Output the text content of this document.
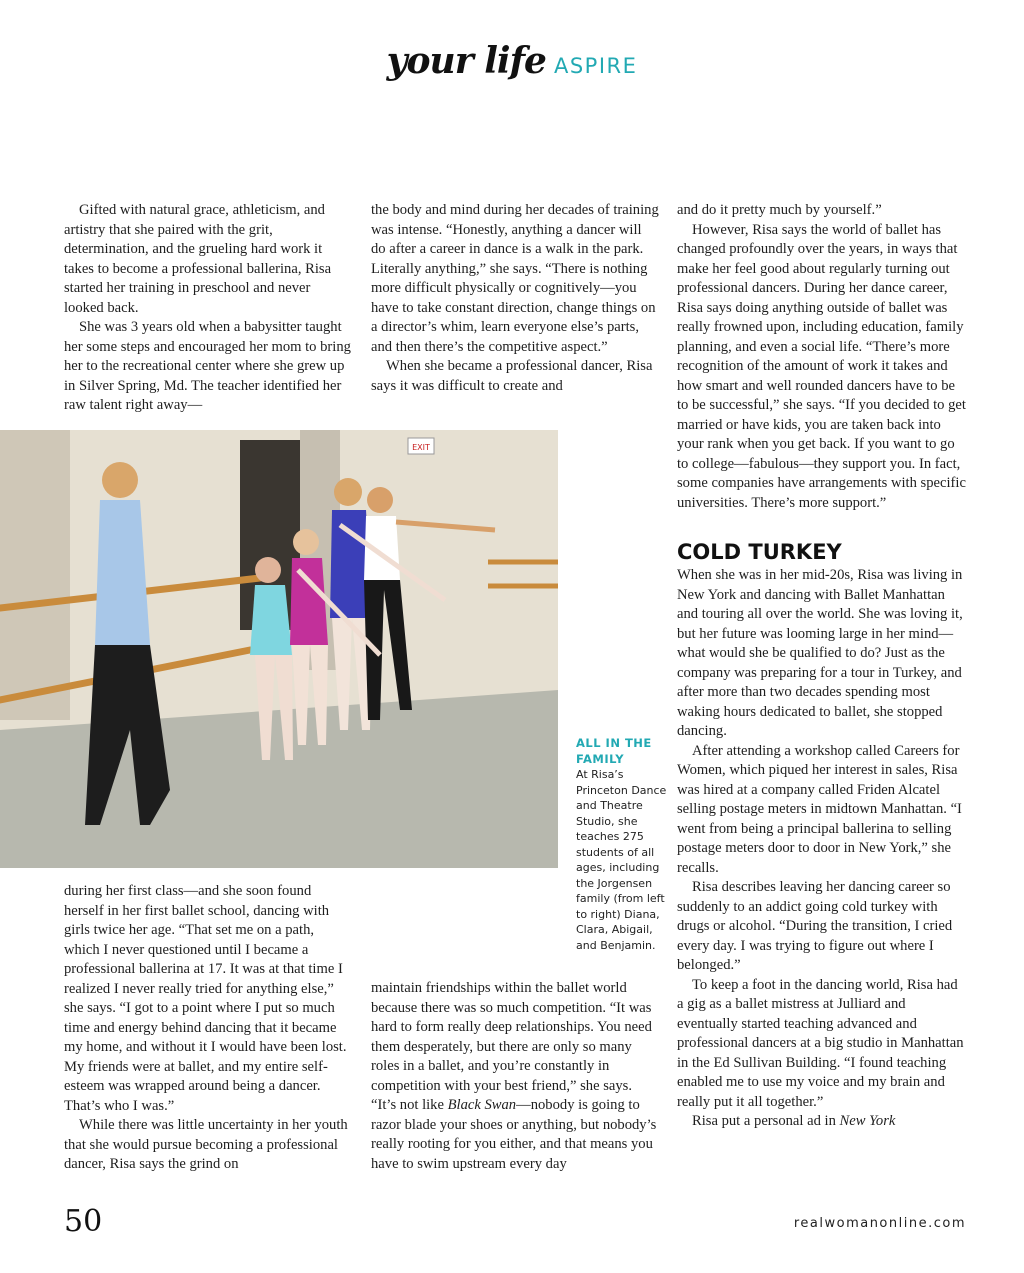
your life ASPIRE

Gifted with natural grace, athleticism, and artistry that she paired with the grit, determination, and the grueling hard work it takes to become a professional ballerina, Risa started her training in preschool and never looked back.

She was 3 years old when a babysitter taught her some steps and encouraged her mom to bring her to the recreational center where she grew up in Silver Spring, Md. The teacher identified her raw talent right away—

the body and mind during her decades of training was intense. “Honestly, anything a dancer will do after a career in dance is a walk in the park. Literally anything,” she says. “There is nothing more difficult physically or cognitively—you have to take constant direction, change things on a director’s whim, learn everyone else’s parts, and then there’s the competitive aspect.”

When she became a professional dancer, Risa says it was difficult to create and

and do it pretty much by yourself.”

However, Risa says the world of ballet has changed profoundly over the years, in ways that make her feel good about regularly turning out professional dancers. During her dance career, Risa says doing anything outside of ballet was really frowned upon, including education, family planning, and even a social life. “There’s more recognition of the amount of work it takes and how smart and well rounded dancers have to be to be successful,” she says. “If you decided to get married or have kids, you are taken back into your rank when you get back. If you want to go to college—fabulous—they support you. In fact, some companies have arrangements with specific universities. There’s more support.”

COLD TURKEY

When she was in her mid-20s, Risa was living in New York and dancing with Ballet Manhattan and touring all over the world. She was loving it, but her future was looming large in her mind—what would she be qualified to do? Just as the company was preparing for a tour in Turkey, and after more than two decades spending most waking hours dedicated to ballet, she stopped dancing.

After attending a workshop called Careers for Women, which piqued her interest in sales, Risa was hired at a company called Friden Alcatel selling postage meters in midtown Manhattan. “I went from being a principal ballerina to selling postage meters door to door in New York,” she recalls.

Risa describes leaving her dancing career so suddenly to an addict going cold turkey with drugs or alcohol. “During the transition, I cried every day. I was trying to figure out where I belonged.”

To keep a foot in the dancing world, Risa had a gig as a ballet mistress at Julliard and eventually started teaching advanced and professional dancers at a big studio in Manhattan in the Ed Sullivan Building. “I found teaching enabled me to use my voice and my brain and really put it all together.”

Risa put a personal ad in New York

EXIT
ALL IN THE FAMILY
At Risa’s Princeton Dance and Theatre Studio, she teaches 275 students of all ages, including the Jorgensen family (from left to right) Diana, Clara, Abigail, and Benjamin.

during her first class—and she soon found herself in her first ballet school, dancing with girls twice her age. “That set me on a path, which I never questioned until I became a professional ballerina at 17. It was at that time I realized I never really tried for anything else,” she says. “I got to a point where I put so much time and energy behind dancing that it became my home, and without it I would have been lost. My friends were at ballet, and my entire self-esteem was wrapped around being a dancer. That’s who I was.”

While there was little uncertainty in her youth that she would pursue becoming a professional dancer, Risa says the grind on

maintain friendships within the ballet world because there was so much competition. “It was hard to form really deep relationships. You need them desperately, but there are only so many roles in a ballet, and you’re constantly in competition with your best friend,” she says. “It’s not like Black Swan—nobody is going to razor blade your shoes or anything, but nobody’s really rooting for you either, and that means you have to swim upstream every day

50	realwomanonline.com
